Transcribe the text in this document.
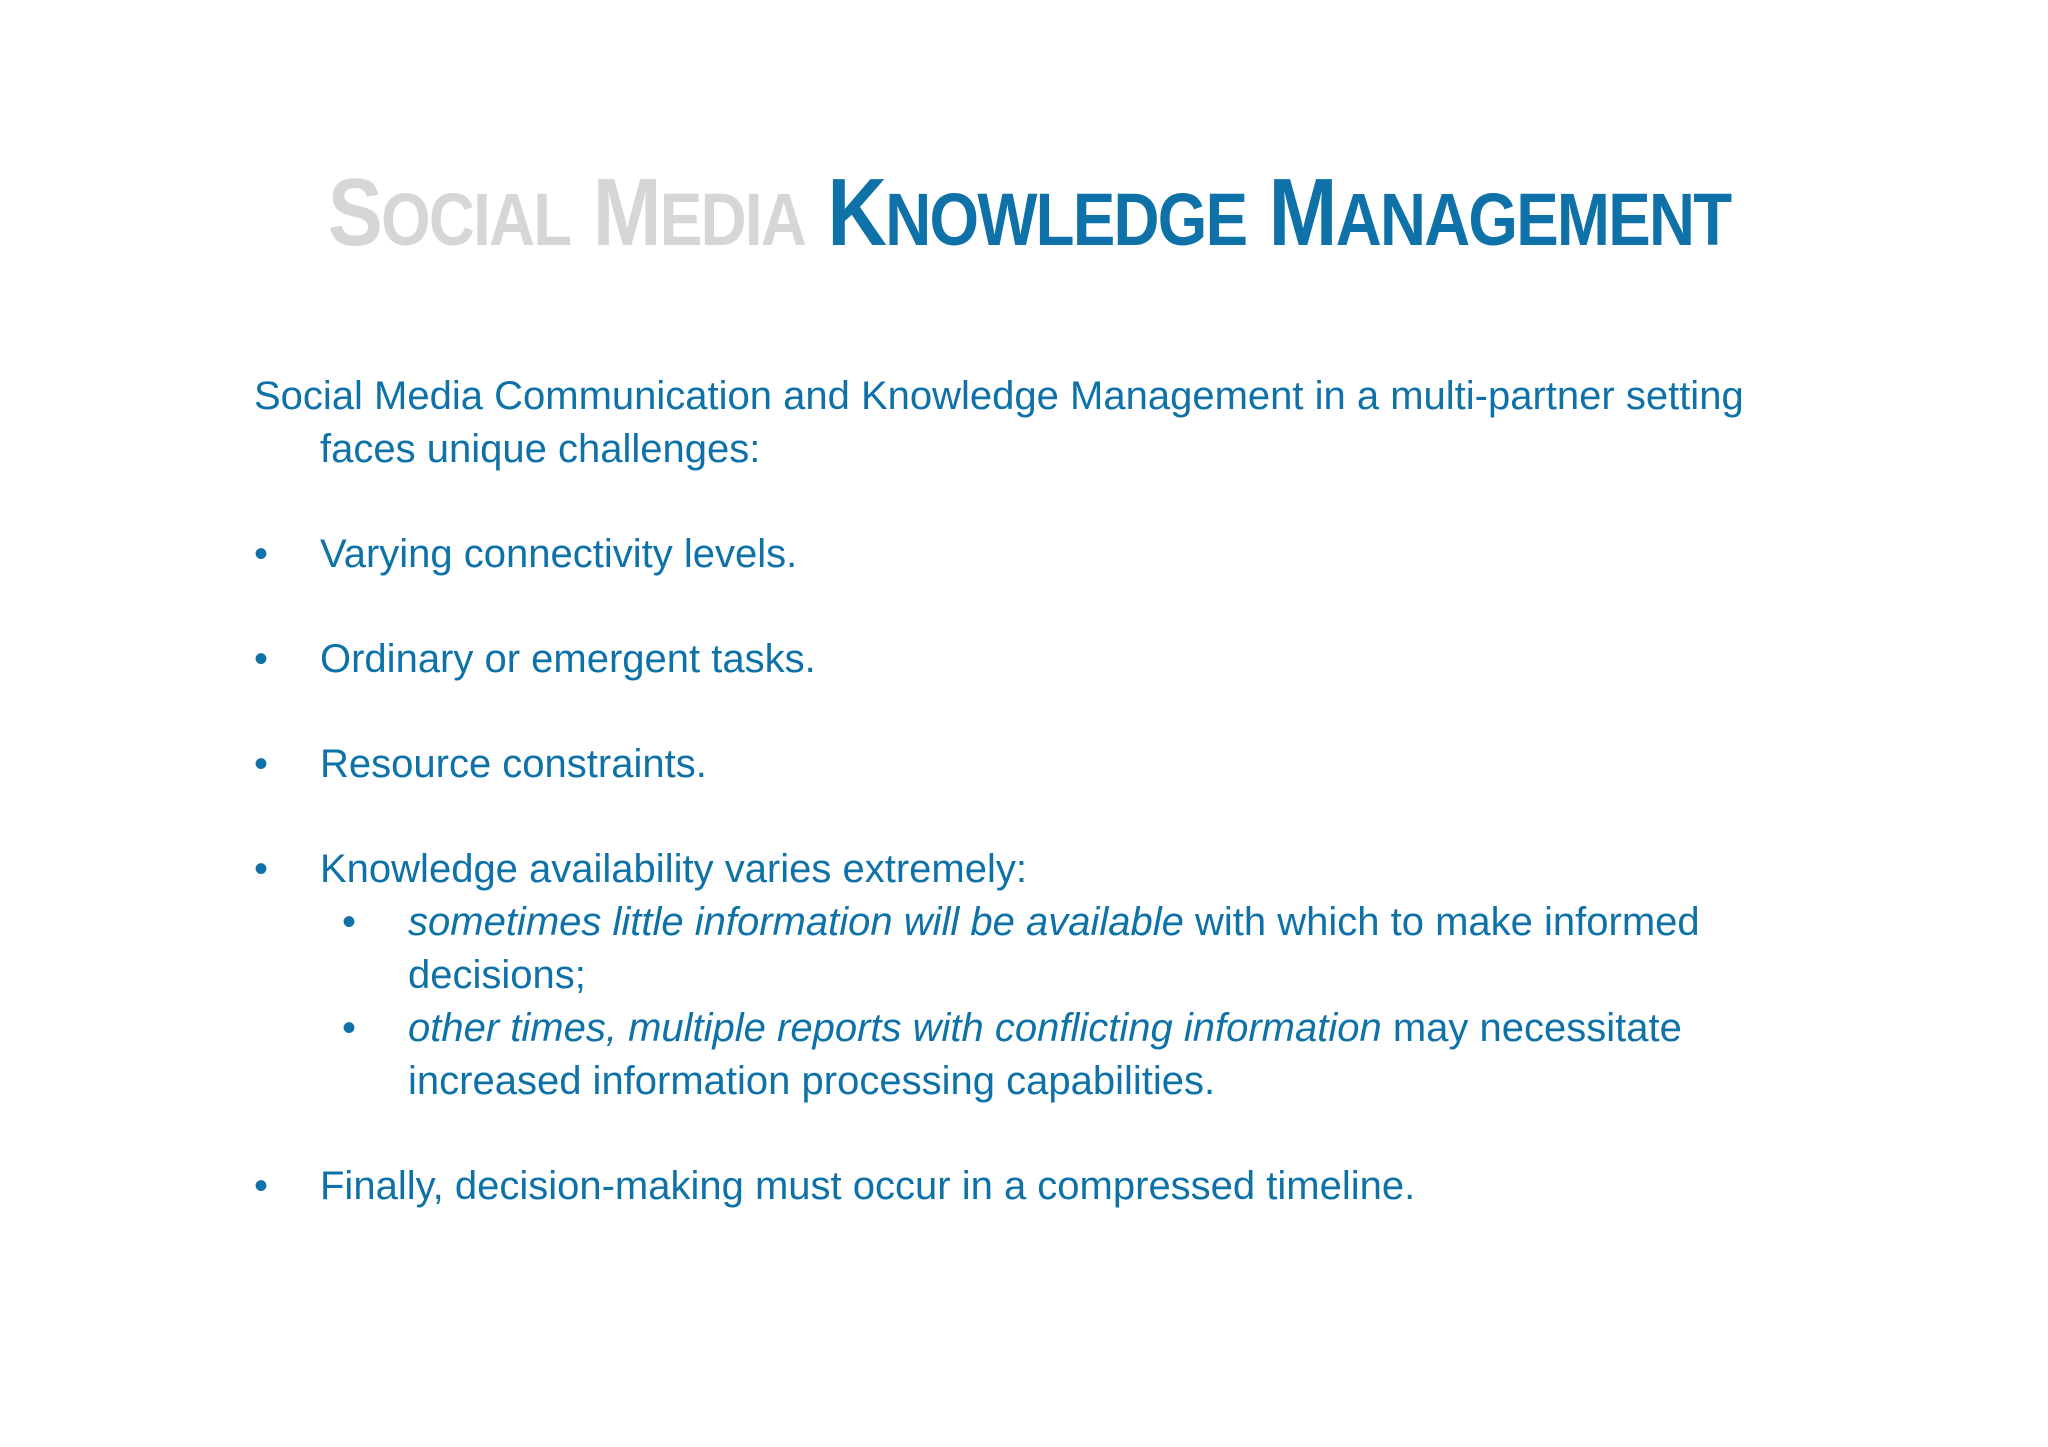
SOCIAL MEDIA KNOWLEDGE MANAGEMENT

Social Media Communication and Knowledge Management in a multi-partner setting faces unique challenges:

• Varying connectivity levels.
• Ordinary or emergent tasks.
• Resource constraints.
• Knowledge availability varies extremely:
• sometimes little information will be available with which to make informed decisions;
• other times, multiple reports with conflicting information may necessitate increased information processing capabilities.
• Finally, decision-making must occur in a compressed timeline.
